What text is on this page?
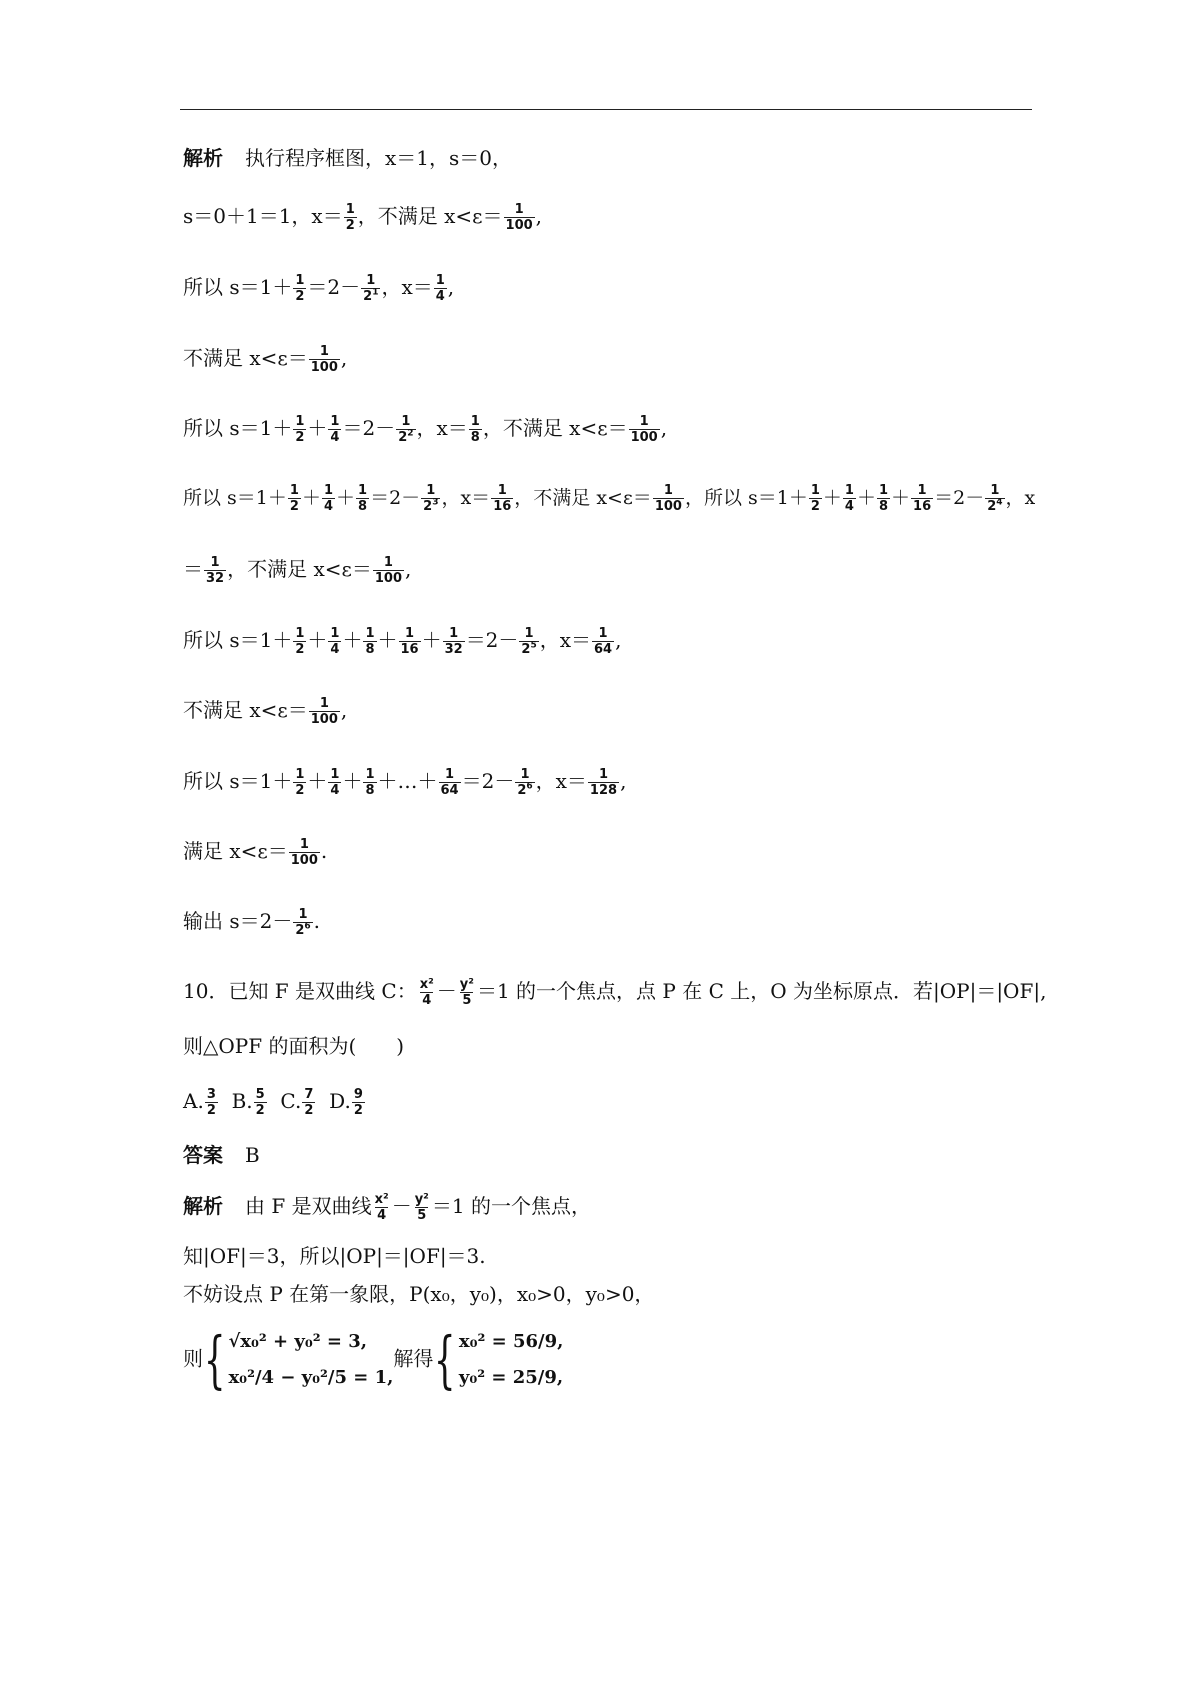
解析 执行程序框图，x＝1，s＝0，
s＝0＋1＝1，$x= \frac{1}{2}$ ，不满足 $x<\varepsilon= \frac{1}{100}$ ,
所以 $s=1+ \frac{1}{2} =2- \frac{1}{2^1}$ ，$x= \frac{1}{4}$ ,
不满足 $x<\varepsilon= \frac{1}{100}$ ,
所以 $s=1+ \frac{1}{2} + \frac{1}{4} =2- \frac{1}{2^2}$ ，$x= \frac{1}{8}$ ，不满足 $x<\varepsilon= \frac{1}{100}$ ,
所以 $s=1+ \frac{1}{2} + \frac{1}{4} + \frac{1}{8} =2- \frac{1}{2^3}$ ，$x= \frac{1}{16}$ ，不满足 $x<\varepsilon= \frac{1}{100}$ ，所以 $s=1+ \frac{1}{2} + \frac{1}{4} + \frac{1}{8} + \frac{1}{16} =2- \frac{1}{2^4}$ ，x
＝ $\frac{1}{32}$ ，不满足 $x<\varepsilon= \frac{1}{100}$ ,
所以 $s=1+ \frac{1}{2} + \frac{1}{4} + \frac{1}{8} + \frac{1}{16} + \frac{1}{32} =2- \frac{1}{2^5}$ ，$x= \frac{1}{64}$ ,
不满足 $x<\varepsilon= \frac{1}{100}$ ,
所以 $s=1+ \frac{1}{2} + \frac{1}{4} + \frac{1}{8}$ ＋…＋ $\frac{1}{64} =2- \frac{1}{2^6}$ ，$x= \frac{1}{128}$ ,
满足 $x<\varepsilon= \frac{1}{100}$ .
输出 $s=2- \frac{1}{2^6}$ .
10．已知 F 是双曲线 C： $\frac{\text{x²}}{4} - \frac{\text{y²}}{5} =1$ 的一个焦点，点 P 在 C 上，O 为坐标原点．若|OP|＝|OF|,
则△OPF 的面积为(　　)
A. $\frac{3}{2} B$. $\frac{5}{2} C$. $\frac{7}{2} D$. $\frac{9}{2}$
答案 B
解析 由 F 是双曲线 $\frac{\text{x²}}{4} - \frac{\text{y²}}{5} =1$ 的一个焦点，
知|OF|＝3，所以|OP|＝|OF|＝3.
不妨设点 P 在第一象限，P(x₀，y₀)，x₀>0，y₀>0，
则 { √x₀² + y₀² = 3,
x₀²/4 − y₀²/5 = 1,
解得 { x₀² = 56/9,
y₀² = 25/9,
